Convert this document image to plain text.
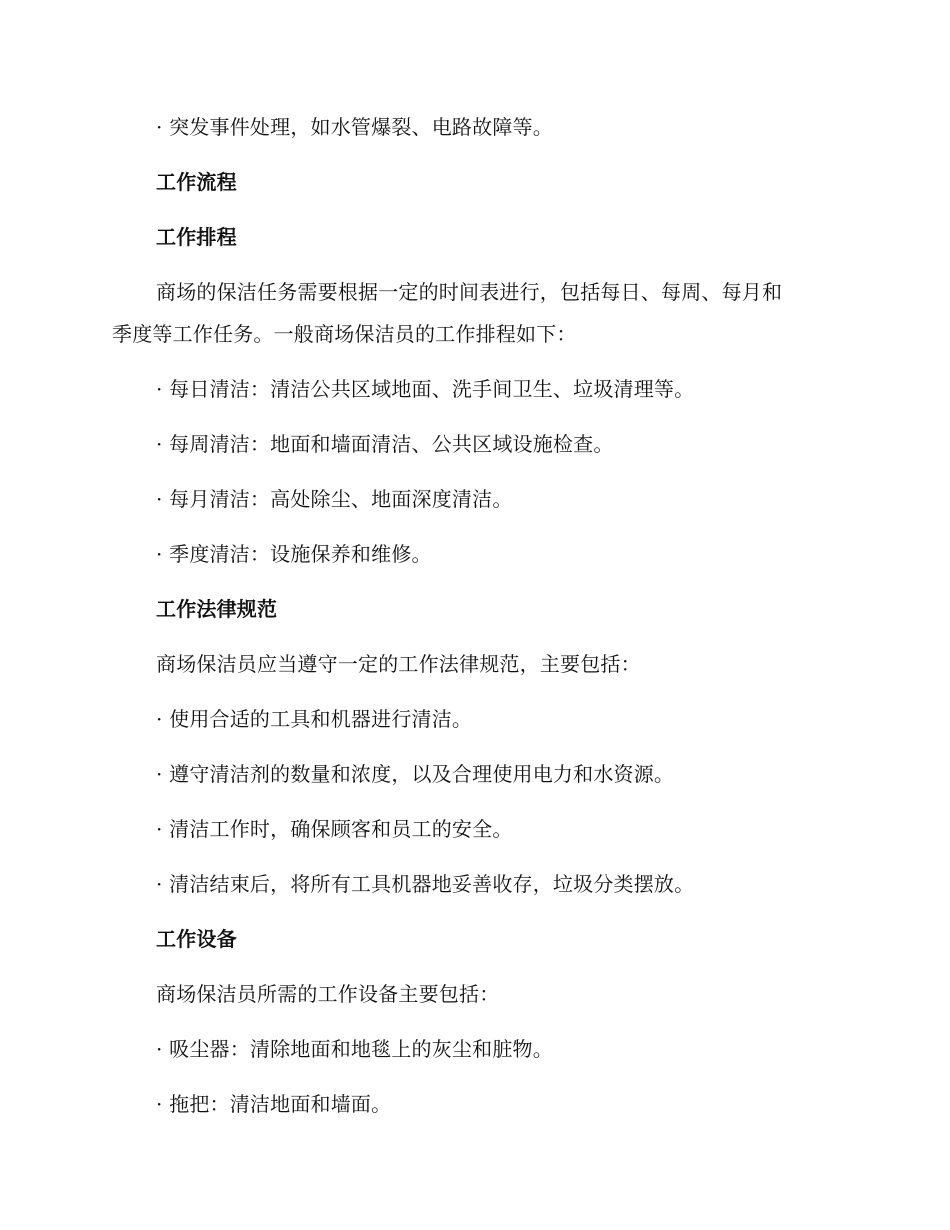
· 突发事件处理，如水管爆裂、电路故障等。
工作流程
工作排程
商场的保洁任务需要根据一定的时间表进行，包括每日、每周、每月和
季度等工作任务。一般商场保洁员的工作排程如下：
· 每日清洁：清洁公共区域地面、洗手间卫生、垃圾清理等。
· 每周清洁：地面和墙面清洁、公共区域设施检查。
· 每月清洁：高处除尘、地面深度清洁。
· 季度清洁：设施保养和维修。
工作法律规范
商场保洁员应当遵守一定的工作法律规范，主要包括：
· 使用合适的工具和机器进行清洁。
· 遵守清洁剂的数量和浓度，以及合理使用电力和水资源。
· 清洁工作时，确保顾客和员工的安全。
· 清洁结束后，将所有工具机器地妥善收存，垃圾分类摆放。
工作设备
商场保洁员所需的工作设备主要包括：
· 吸尘器：清除地面和地毯上的灰尘和脏物。
· 拖把：清洁地面和墙面。
